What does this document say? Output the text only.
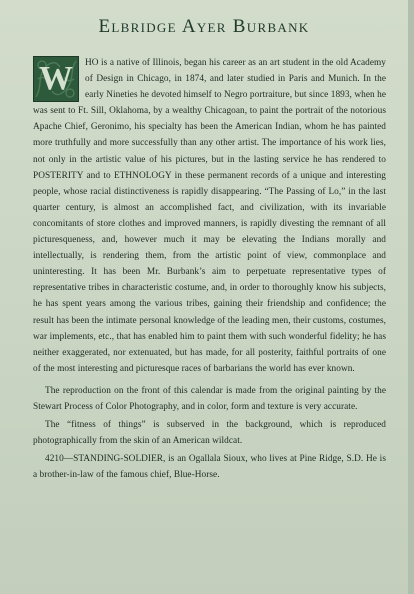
Elbridge Ayer Burbank
W	HO is a native of Illinois, began his career as an art student in the old Academy of Design in Chicago, in 1874, and later studied in Paris and Munich. In the early Nineties he devoted himself to Negro portraiture, but since 1893, when he was sent to Ft. Sill, Oklahoma, by a wealthy Chicagoan, to paint the portrait of the notorious Apache Chief, Geronimo, his specialty has been the American Indian, whom he has painted more truthfully and more successfully than any other artist. The importance of his work lies, not only in the artistic value of his pictures, but in the lasting service he has rendered to POSTERITY and to ETHNOLOGY in these permanent records of a unique and interesting people, whose racial distinctiveness is rapidly disappearing. “The Passing of Lo,” in the last quarter century, is almost an accomplished fact, and civilization, with its invariable concomitants of store clothes and improved manners, is rapidly divesting the remnant of all picturesqueness, and, however much it may be elevating the Indians morally and intellectually, is rendering them, from the artistic point of view, commonplace and uninteresting. It has been Mr. Burbank’s aim to perpetuate representative types of representative tribes in characteristic costume, and, in order to thoroughly know his subjects, he has spent years among the various tribes, gaining their friendship and confidence; the result has been the intimate personal knowledge of the leading men, their customs, costumes, war implements, etc., that has enabled him to paint them with such wonderful fidelity; he has neither exaggerated, nor extenuated, but has made, for all posterity, faithful portraits of one of the most interesting and picturesque races of barbarians the world has ever known.

The reproduction on the front of this calendar is made from the original painting by the Stewart Process of Color Photography, and in color, form and texture is very accurate.

The “fitness of things” is subserved in the background, which is reproduced photographically from the skin of an American wildcat.

4210—STANDING-SOLDIER, is an Ogallala Sioux, who lives at Pine Ridge, S.D. He is a brother-in-law of the famous chief, Blue-Horse.
